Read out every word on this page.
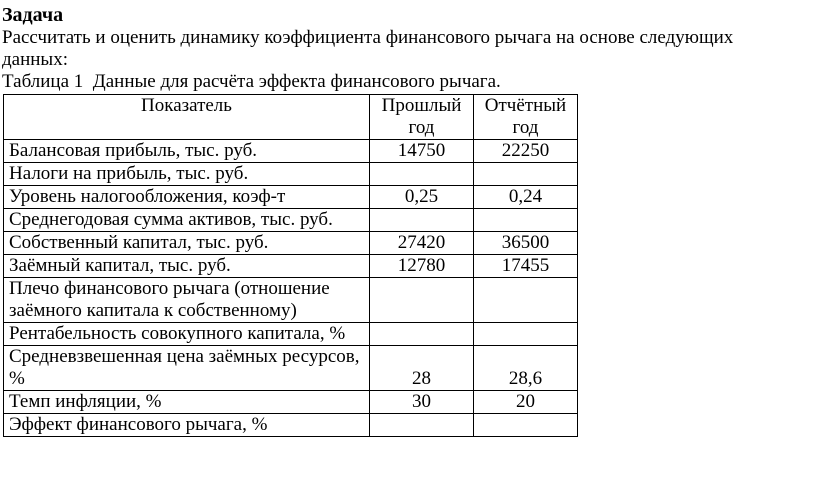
Задача
Рассчитать и оценить динамику коэффициента финансового рычага на основе следующих данных:
Таблица 1  Данные для расчёта эффекта финансового рычага.
Показатель	Прошлый год	Отчётный год
Балансовая прибыль, тыс. руб.	14750	22250
Налоги на прибыль, тыс. руб.		
Уровень налогообложения, коэф-т	0,25	0,24
Среднегодовая сумма активов, тыс. руб.		
Собственный капитал, тыс. руб.	27420	36500
Заёмный капитал, тыс. руб.	12780	17455
Плечо финансового рычага (отношение заёмного капитала к собственному)		
Рентабельность совокупного капитала, %		
Средневзвешенная цена заёмных ресурсов, %	28	28,6
Темп инфляции, %	30	20
Эффект финансового рычага, %		
